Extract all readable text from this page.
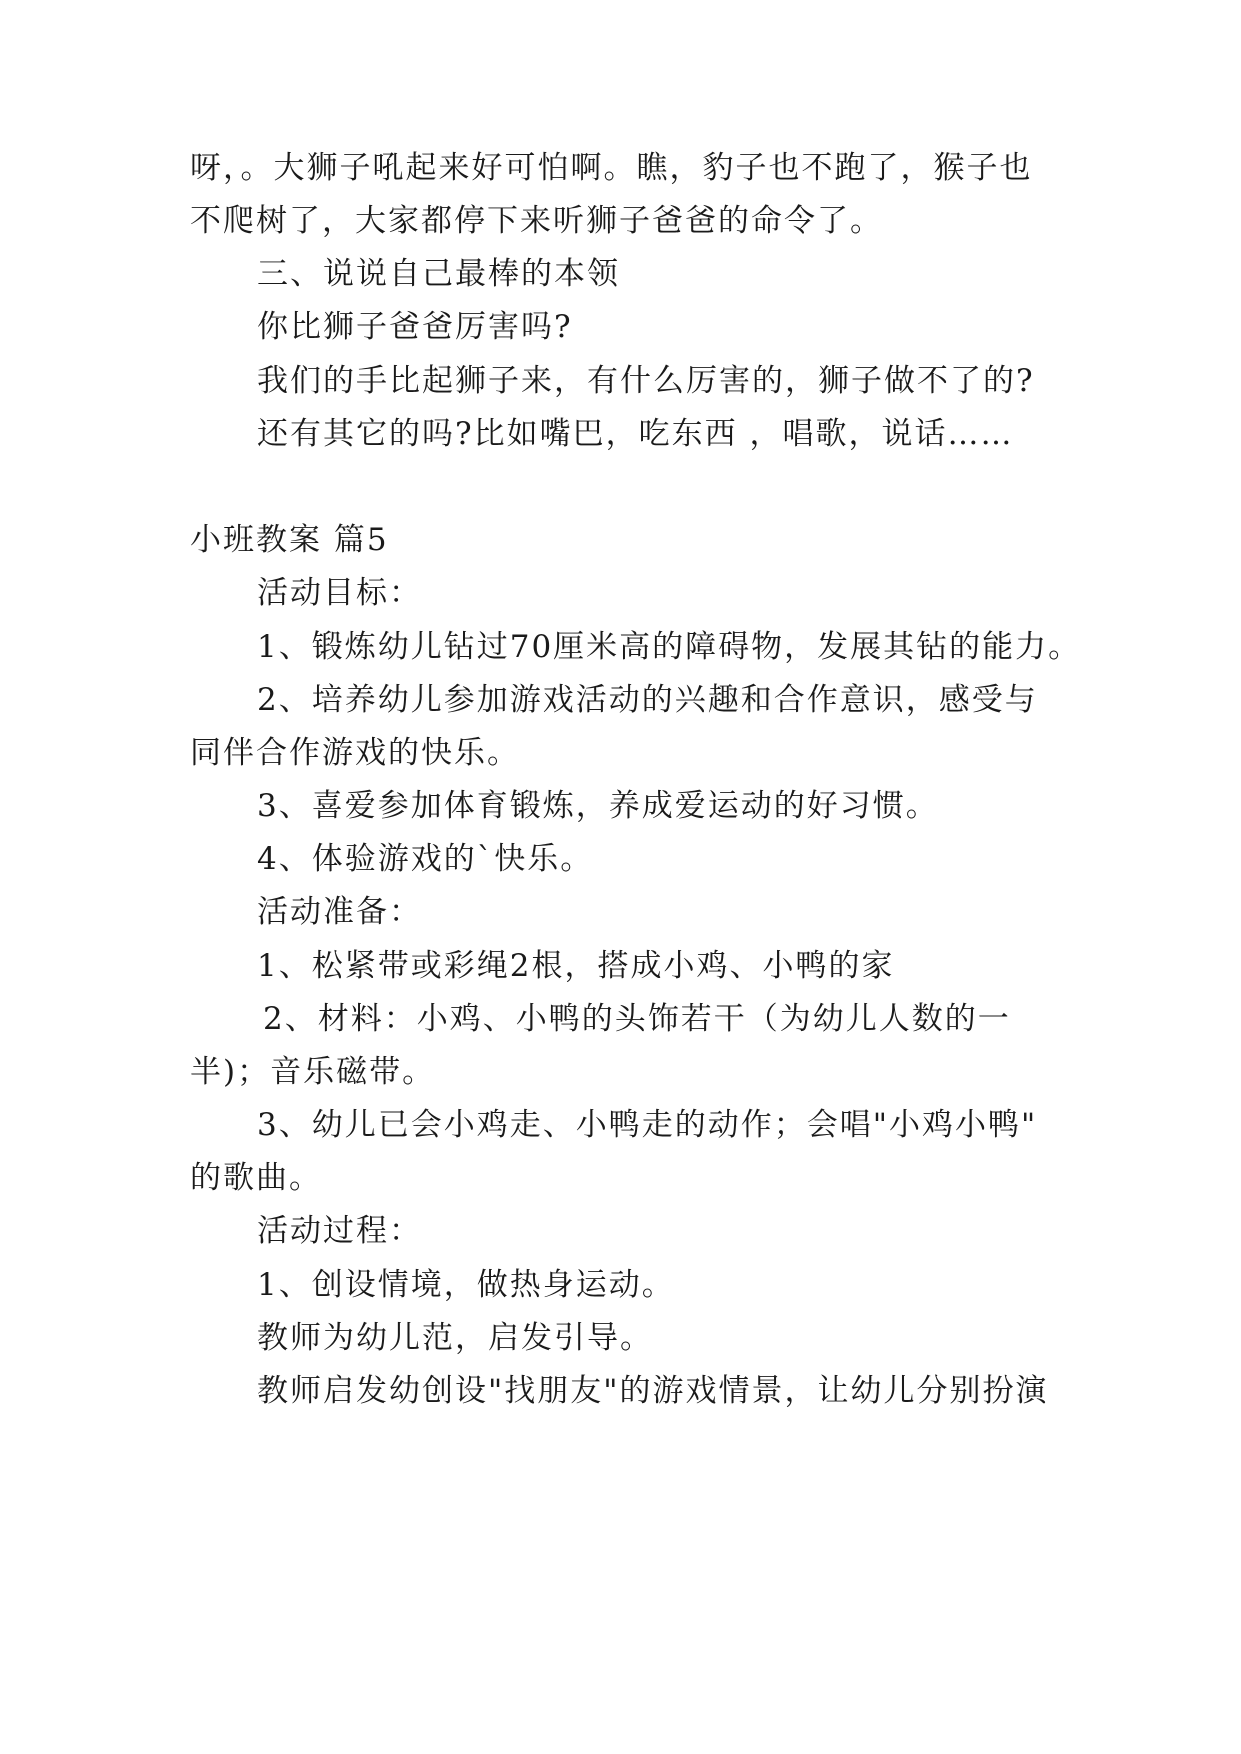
呀，。大狮子吼起来好可怕啊。瞧，豹子也不跑了，猴子也
不爬树了，大家都停下来听狮子爸爸的命令了。
三、说说自己最棒的本领
你比狮子爸爸厉害吗?
我们的手比起狮子来，有什么厉害的，狮子做不了的?
还有其它的吗?比如嘴巴，吃东西 ，唱歌，说话……
小班教案 篇5
活动目标：
1、锻炼幼儿钻过70厘米高的障碍物，发展其钻的能力。
2、培养幼儿参加游戏活动的兴趣和合作意识，感受与
同伴合作游戏的快乐。
3、喜爱参加体育锻炼，养成爱运动的好习惯。
4、体验游戏的`快乐。
活动准备：
1、松紧带或彩绳2根，搭成小鸡、小鸭的家
2、材料：小鸡、小鸭的头饰若干（为幼儿人数的一
半)；音乐磁带。
3、幼儿已会小鸡走、小鸭走的动作；会唱"小鸡小鸭"
的歌曲。
活动过程：
1、创设情境，做热身运动。
教师为幼儿范，启发引导。
教师启发幼创设"找朋友"的游戏情景，让幼儿分别扮演
